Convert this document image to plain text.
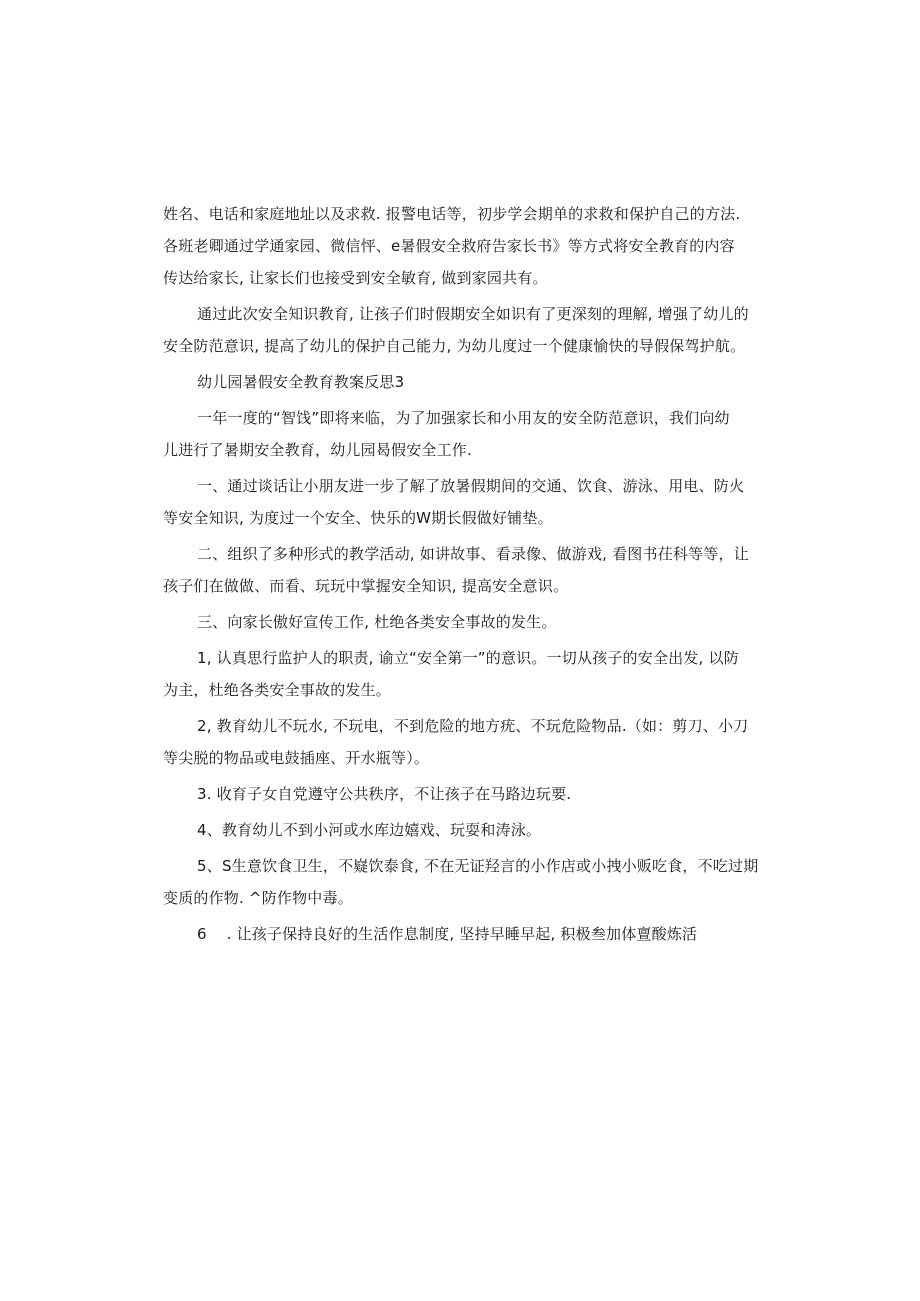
姓名、电话和家庭地址以及求救. 报警电话等，初步学会期单的求救和保护自己的方法.
各班老卿通过学通家园、微信怦、e暑假安全救府告家长书》等方式将安全教育的内容
传达给家长, 让家长们也接受到安全敏育, 做到家园共有。

通过此次安全知识教育, 让孩子们时假期安全如识有了更深刻的理解, 增强了幼儿的
安全防范意识, 提高了幼儿的保护自己能力, 为幼儿度过一个健康愉快的导假保驾护航。

幼儿园暑假安全教育教案反思3

一年一度的“智饯”即将来临，为了加强家长和小用友的安全防范意识，我们向幼
儿进行了暑期安全教育，幼儿园曷假安全工作.

一、通过谈话让小朋友进一步了解了放暑假期间的交通、饮食、游泳、用电、防火
等安全知识, 为度过一个安全、快乐的W期长假做好铺垫。

二、组织了多种形式的教学活动, 如讲故事、看录像、做游戏, 看图书茌科等等，让
孩子们在做做、而看、玩玩中掌握安全知识, 提高安全意识。

三、向家长傲好宣传工作, 杜绝各类安全事故的发生。

1, 认真思行监护人的职责, 谕立“安全第一”的意识。一切从孩子的安全出发, 以防
为主，杜绝各类安全事故的发生。

2, 教育幼儿不玩水, 不玩电，不到危险的地方疣、不玩危险物品.（如：剪刀、小刀
等尖脱的物品或电鼓插座、开水瓶等）。

3. 收育子女自党遵守公共秩序，不让孩子在马路边玩要.

4、教育幼儿不到小河或水库边嬉戏、玩耍和涛泳。

5、S生意饮食卫生，不嶷饮泰食, 不在无证羟言的小作店或小拽小贩吃食，不吃过期
变质的作物. ^防作物中毒。

6    . 让孩子保持良好的生活作息制度, 坚持早睡早起, 积极叁加体亶酸炼活
